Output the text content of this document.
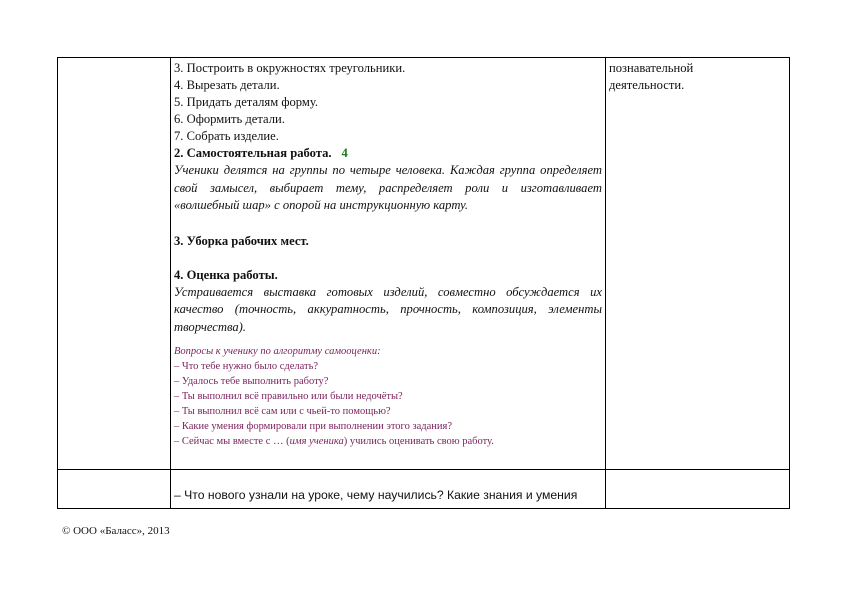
3. Построить в окружностях треугольники.
4. Вырезать детали.
5. Придать деталям форму.
6. Оформить детали.
7. Собрать изделие.
2. Самостоятельная работа. 4
Ученики делятся на группы по четыре человека. Каждая группа определяет свой замысел, выбирает тему, распределяет роли и изготавливает «волшебный шар» с опорой на инструкционную карту.
3. Уборка рабочих мест.
4. Оценка работы.
Устраивается выставка готовых изделий, совместно обсуждается их качество (точность, аккуратность, прочность, композиция, элементы творчества).
Вопросы к ученику по алгоритму самооценки:
– Что тебе нужно было сделать?
– Удалось тебе выполнить работу?
– Ты выполнил всё правильно или были недочёты?
– Ты выполнил всё сам или с чьей-то помощью?
– Какие умения формировали при выполнении этого задания?
– Сейчас мы вместе с … (имя ученика) учились оценивать свою работу.
познавательной
деятельности.
– Что нового узнали на уроке, чему научились? Какие знания и умения
© ООО «Баласс», 2013
